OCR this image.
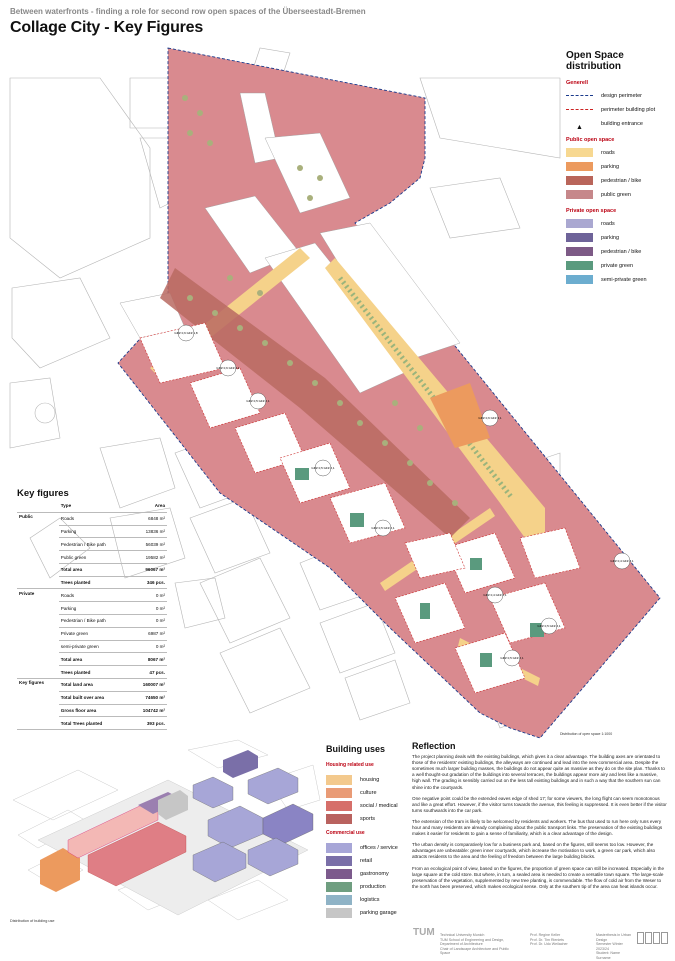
Between waterfronts - finding a role for second row open spaces of the Überseestadt-Bremen
Collage City - Key Figures
GRZ 0,6 GFZ 1,8
GRZ 0,6 GFZ 2,1
GRZ 0,5 GFZ 2,1
GRZ 0,5 GFZ 2,1
GRZ 0,6 GFZ 3,1
GRZ 0,5 GFZ 2,1
GRZ 0,4 GFZ 2,1
GRZ 0,5 GFZ 2,1
GRZ 0,5 GFZ 2,1
GRZ 0,4 GFZ 2,1
Distribution of open space 1:1000
Open Space distribution
Generell
design perimeter
perimeter building plot
▲	building entrance
Public open space
roads
parking
pedestrian / bike
public green
Private open space
roads
parking
pedestrian / bike
private green
semi-private green
Key figures
	Type	Area
Public	Roads	6848 m²
	Parking	13836 m²
	Pedestrian / Bike path	56039 m²
	Public green	19582 m²
	Total area	96067 m²
	Trees planted	346 pcs.
Private	Roads	0 m²
	Parking	0 m²
	Pedestrian / Bike path	0 m²
	Private green	6987 m²
	semi-private green	0 m²
	Total area	8067 m²
	Trees planted	47 pcs.
Key figures	Total land area	160007 m²
	Total built over area	74650 m²
	Gross floor area	104742 m²
	Total Trees planted	393 pcs.
Distribution of building use
Building uses
Housing related use
housing
culture
social / medical
sports
Commercial use
offices / service
retail
gastronomy
production
logistics
parking garage
Reflection

The project planning deals with the existing buildings, which gives it a clear advantage. The building axes are orientated to those of the residents' existing buildings, the alleyways are continued and lead into the new commercial area. Despite the sometimes much larger building masses, the buildings do not appear quite as massive as they do on the site plan. Thanks to a well thought-out gradation of the buildings into several terraces, the buildings appear more airy and less like a massive, high wall. The grading is sensibly carried out on the less tall existing buildings and in such a way that the southern sun can shine into the courtyards.

One negative point could be the extended eaves edge of shed 17; for some viewers, the long flight can seem monotonous and like a great effort. However, if the visitor turns towards the avenue, this feeling is suppressed. It is even better if the visitor turns southwards into the car park.

The extension of the tram is likely to be welcomed by residents and workers. The bus that used to run here only runs every hour and many residents are already complaining about the public transport links. The preservation of the existing buildings makes it easier for residents to gain a sense of familiarity, which is a clear advantage of the design.

The urban density is comparatively low for a business park and, based on the figures, still seems too low. However, the advantages are unbeatable: green inner courtyards, which increase the motivation to work, a green car park, which also attracts residents to the area and the feeling of freedom between the large building blocks.

From an ecological point of view, based on the figures, the proportion of green space can still be increased. Especially in the large square at the cold store. But where, in turn, a sealed area is needed to create a versatile town square. The large-scale preservation of the vegetation, supplemented by new tree planting, is commendable. The flow of cold air from the Weser to the north has been preserved, which makes ecological sense. Only at the southern tip of the area can heat islands occur.

TUM Technical University Munich
TUM School of Engineering and Design, Department of Architecture
Chair of Landscape Architecture and Public Space
Prof. Regine Keller
Prof. Dr. Tim Rieniets
Prof. Dr. Udo Weilacher
Masterthesis in Urban Design
Semester Winter 2023/24
Student: Name Surname
